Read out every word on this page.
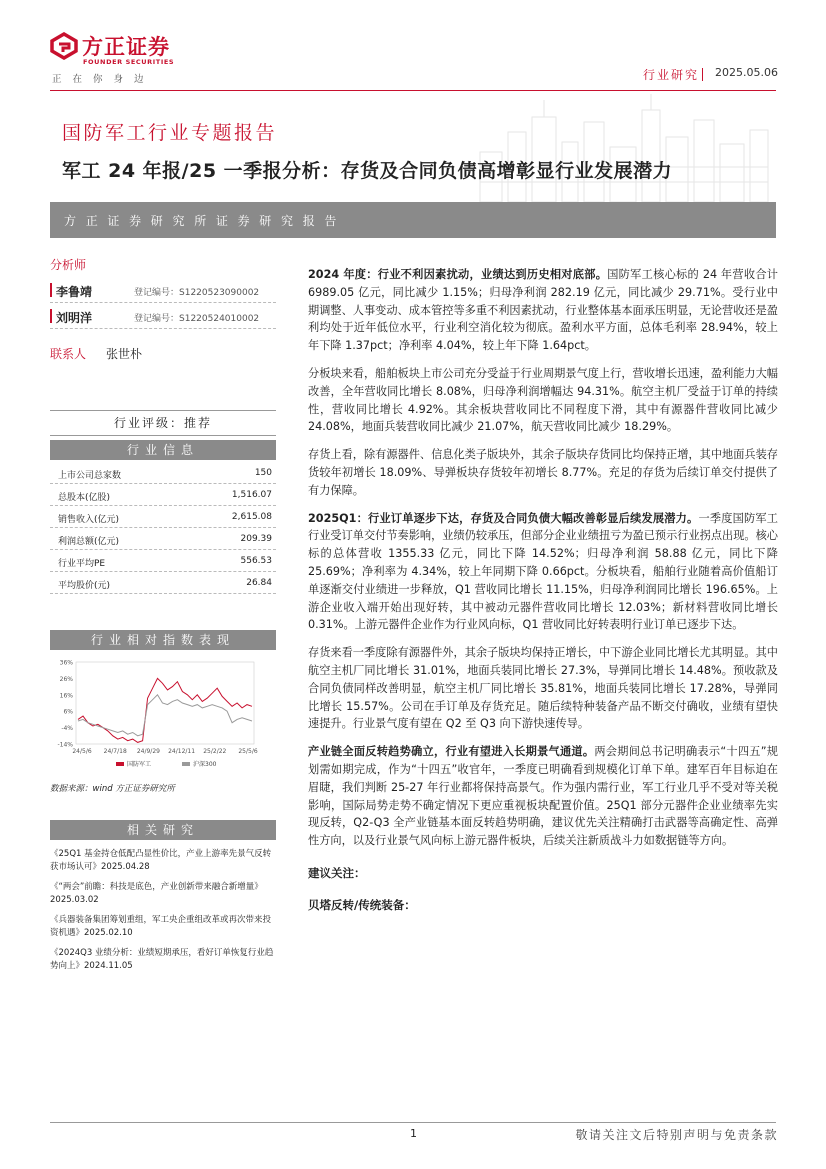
方正证券
FOUNDER SECURITIES
正在你身边	行业研究 2025.05.06
国防军工行业专题报告
军工 24 年报/25 一季报分析：存货及合同负债高增彰显行业发展潜力
方正证券研究所证券研究报告
分析师
李鲁靖	登记编号：S1220523090002
刘明洋	登记编号：S1220524010002
联系人 张世朴
行业评级：推荐
行业信息
上市公司总家数	150
总股本(亿股)	1,516.07
销售收入(亿元)	2,615.08
利润总额(亿元)	209.39
行业平均PE	556.53
平均股价(元)	26.84
行业相对指数表现
36%
26%
16%
6%
-4%
-14%
24/5/6 24/7/18 24/9/29 24/12/11 25/2/22 25/5/6
国防军工	沪深300
数据来源：wind 方正证券研究所
相关研究
《25Q1 基金持仓低配凸显性价比，产业上游率先景气反转获市场认可》2025.04.28
《“两会”前瞻：科技是底色，产业创新带来融合新增量》2025.03.02
《兵器装备集团筹划重组，军工央企重组改革或再次带来投资机遇》2025.02.10
《2024Q3 业绩分析：业绩短期承压，看好订单恢复行业趋势向上》2024.11.05
2024 年度：行业不利因素扰动，业绩达到历史相对底部。国防军工核心标的 24 年营收合计 6989.05 亿元，同比减少 1.15%；归母净利润 282.19 亿元，同比减少 29.71%。受行业中期调整、人事变动、成本管控等多重不利因素扰动，行业整体基本面承压明显，无论营收还是盈利均处于近年低位水平，行业利空消化较为彻底。盈利水平方面，总体毛利率 28.94%，较上年下降 1.37pct；净利率 4.04%，较上年下降 1.64pct。
分板块来看，船舶板块上市公司充分受益于行业周期景气度上行，营收增长迅速，盈利能力大幅改善，全年营收同比增长 8.08%，归母净利润增幅达 94.31%。航空主机厂受益于订单的持续性，营收同比增长 4.92%。其余板块营收同比不同程度下滑，其中有源器件营收同比减少 24.08%，地面兵装营收同比减少 21.07%，航天营收同比减少 18.29%。
存货上看，除有源器件、信息化类子版块外，其余子版块存货同比均保持正增，其中地面兵装存货较年初增长 18.09%、导弹板块存货较年初增长 8.77%。充足的存货为后续订单交付提供了有力保障。
2025Q1：行业订单逐步下达，存货及合同负债大幅改善彰显后续发展潜力。一季度国防军工行业受订单交付节奏影响，业绩仍较承压，但部分企业业绩扭亏为盈已预示行业拐点出现。核心标的总体营收 1355.33 亿元，同比下降 14.52%；归母净利润 58.88 亿元，同比下降 25.69%；净利率为 4.34%，较上年同期下降 0.66pct。分板块看，船舶行业随着高价值船订单逐渐交付业绩进一步释放，Q1 营收同比增长 11.15%，归母净利润同比增长 196.65%。上游企业收入端开始出现好转，其中被动元器件营收同比增长 12.03%；新材料营收同比增长 0.31%。上游元器件企业作为行业风向标，Q1 营收同比好转表明行业订单已逐步下达。
存货来看一季度除有源器件外，其余子版块均保持正增长，中下游企业同比增长尤其明显。其中航空主机厂同比增长 31.01%，地面兵装同比增长 27.3%，导弹同比增长 14.48%。预收款及合同负债同样改善明显，航空主机厂同比增长 35.81%，地面兵装同比增长 17.28%，导弹同比增长 15.57%。公司在手订单及存货充足。随后续特种装备产品不断交付确收，业绩有望快速提升。行业景气度有望在 Q2 至 Q3 向下游快速传导。
产业链全面反转趋势确立，行业有望进入长期景气通道。两会期间总书记明确表示“十四五”规划需如期完成，作为“十四五”收官年，一季度已明确看到规模化订单下单。建军百年目标迫在眉睫，我们判断 25-27 年行业都将保持高景气。作为强内需行业，军工行业几乎不受对等关税影响，国际局势走势不确定情况下更应重视板块配置价值。25Q1 部分元器件企业业绩率先实现反转，Q2-Q3 全产业链基本面反转趋势明确，建议优先关注精确打击武器等高确定性、高弹性方向，以及行业景气风向标上游元器件板块，后续关注新质战斗力如数据链等方向。
建议关注：
贝塔反转/传统装备：
1	敬请关注文后特别声明与免责条款
